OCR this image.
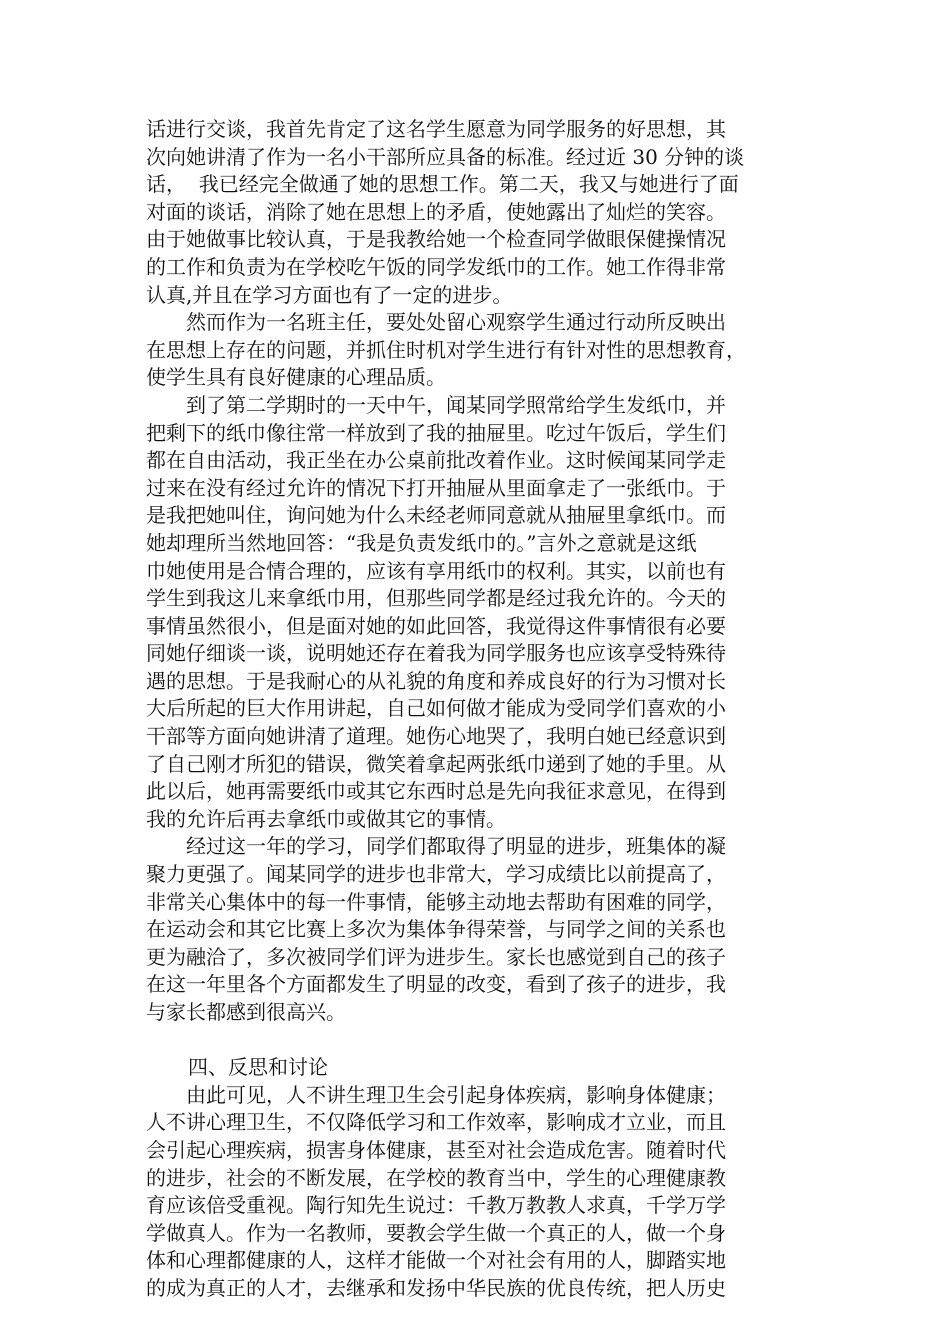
话进行交谈，我首先肯定了这名学生愿意为同学服务的好思想，其
次向她讲清了作为一名小干部所应具备的标准。经过近 30 分钟的谈
话，  我已经完全做通了她的思想工作。第二天，我又与她进行了面
对面的谈话，消除了她在思想上的矛盾，使她露出了灿烂的笑容。
由于她做事比较认真，于是我教给她一个检查同学做眼保健操情况
的工作和负责为在学校吃午饭的同学发纸巾的工作。她工作得非常
认真,并且在学习方面也有了一定的进步。
然而作为一名班主任，要处处留心观察学生通过行动所反映出
在思想上存在的问题，并抓住时机对学生进行有针对性的思想教育，
使学生具有良好健康的心理品质。
到了第二学期时的一天中午，闻某同学照常给学生发纸巾，并
把剩下的纸巾像往常一样放到了我的抽屉里。吃过午饭后，学生们
都在自由活动，我正坐在办公桌前批改着作业。这时候闻某同学走
过来在没有经过允许的情况下打开抽屉从里面拿走了一张纸巾。于
是我把她叫住，询问她为什么未经老师同意就从抽屉里拿纸巾。而
她却理所当然地回答：“我是负责发纸巾的。”言外之意就是这纸
巾她使用是合情合理的，应该有享用纸巾的权利。其实，以前也有
学生到我这儿来拿纸巾用，但那些同学都是经过我允许的。今天的
事情虽然很小，但是面对她的如此回答，我觉得这件事情很有必要
同她仔细谈一谈，说明她还存在着我为同学服务也应该享受特殊待
遇的思想。于是我耐心的从礼貌的角度和养成良好的行为习惯对长
大后所起的巨大作用讲起，自己如何做才能成为受同学们喜欢的小
干部等方面向她讲清了道理。她伤心地哭了，我明白她已经意识到
了自己刚才所犯的错误，微笑着拿起两张纸巾递到了她的手里。从
此以后，她再需要纸巾或其它东西时总是先向我征求意见，在得到
我的允许后再去拿纸巾或做其它的事情。
经过这一年的学习，同学们都取得了明显的进步，班集体的凝
聚力更强了。闻某同学的进步也非常大，学习成绩比以前提高了，
非常关心集体中的每一件事情，能够主动地去帮助有困难的同学，
在运动会和其它比赛上多次为集体争得荣誉，与同学之间的关系也
更为融洽了，多次被同学们评为进步生。家长也感觉到自己的孩子
在这一年里各个方面都发生了明显的改变，看到了孩子的进步，我
与家长都感到很高兴。
四、反思和讨论
由此可见，人不讲生理卫生会引起身体疾病，影响身体健康；
人不讲心理卫生，不仅降低学习和工作效率，影响成才立业，而且
会引起心理疾病，损害身体健康，甚至对社会造成危害。随着时代
的进步，社会的不断发展，在学校的教育当中，学生的心理健康教
育应该倍受重视。陶行知先生说过：千教万教教人求真，千学万学
学做真人。作为一名教师，要教会学生做一个真正的人，做一个身
体和心理都健康的人，这样才能做一个对社会有用的人，脚踏实地
的成为真正的人才，去继承和发扬中华民族的优良传统，把人历史
